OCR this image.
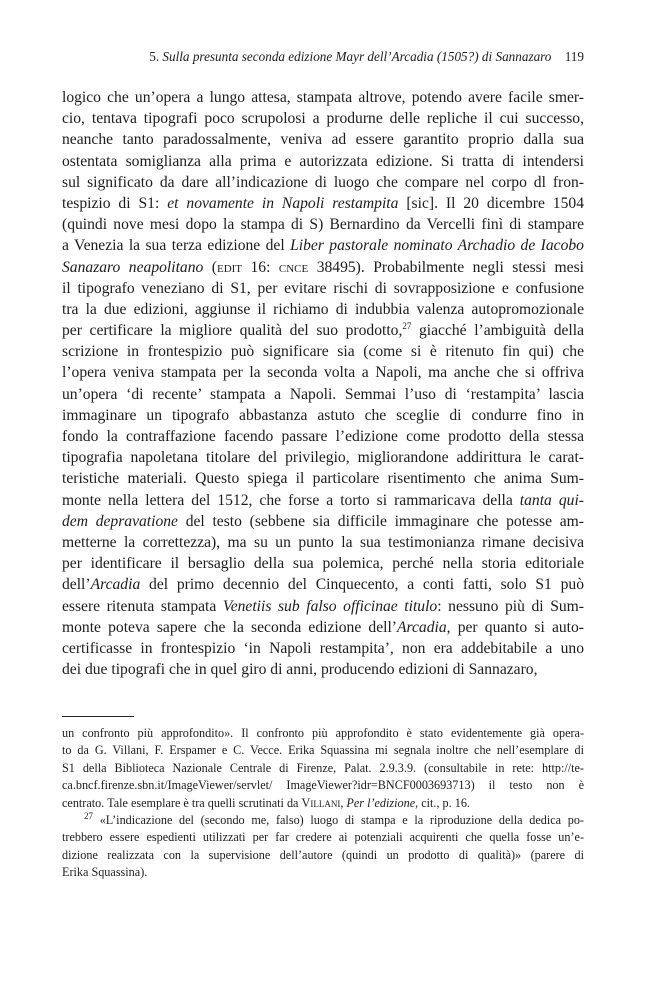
5. Sulla presunta seconda edizione Mayr dell’Arcadia (1505?) di Sannazaro 119
logico che un’opera a lungo attesa, stampata altrove, potendo avere facile smer-
cio, tentava tipografi poco scrupolosi a produrne delle repliche il cui successo,
neanche tanto paradossalmente, veniva ad essere garantito proprio dalla sua
ostentata somiglianza alla prima e autorizzata edizione. Si tratta di intendersi
sul significato da dare all’indicazione di luogo che compare nel corpo dl fron-
tespizio di S1: et novamente in Napoli restampita [sic]. Il 20 dicembre 1504
(quindi nove mesi dopo la stampa di S) Bernardino da Vercelli finì di stampare
a Venezia la sua terza edizione del Liber pastorale nominato Archadio de Iacobo
Sanazaro neapolitano (edit 16: cnce 38495). Probabilmente negli stessi mesi
il tipografo veneziano di S1, per evitare rischi di sovrapposizione e confusione
tra la due edizioni, aggiunse il richiamo di indubbia valenza autopromozionale
per certificare la migliore qualità del suo prodotto,$^{27}$ giacché l’ambiguità della
scrizione in frontespizio può significare sia (come si è ritenuto fin qui) che
l’opera veniva stampata per la seconda volta a Napoli, ma anche che si offriva
un’opera ‘di recente’ stampata a Napoli. Semmai l’uso di ‘restampita’ lascia
immaginare un tipografo abbastanza astuto che sceglie di condurre fino in
fondo la contraffazione facendo passare l’edizione come prodotto della stessa
tipografia napoletana titolare del privilegio, migliorandone addirittura le carat-
teristiche materiali. Questo spiega il particolare risentimento che anima Sum-
monte nella lettera del 1512, che forse a torto si rammaricava della tanta qui-
dem depravatione del testo (sebbene sia difficile immaginare che potesse am-
metterne la correttezza), ma su un punto la sua testimonianza rimane decisiva
per identificare il bersaglio della sua polemica, perché nella storia editoriale
dell’Arcadia del primo decennio del Cinquecento, a conti fatti, solo S1 può
essere ritenuta stampata Venetiis sub falso officinae titulo: nessuno più di Sum-
monte poteva sapere che la seconda edizione dell’Arcadia, per quanto si auto-
certificasse in frontespizio ‘in Napoli restampita’, non era addebitabile a uno
dei due tipografi che in quel giro di anni, producendo edizioni di Sannazaro,
un confronto più approfondito». Il confronto più approfondito è stato evidentemente già opera-
to da G. Villani, F. Erspamer e C. Vecce. Erika Squassina mi segnala inoltre che nell’esemplare di
S1 della Biblioteca Nazionale Centrale di Firenze, Palat. 2.9.3.9. (consultabile in rete: http://te-
ca.bncf.firenze.sbn.it/ImageViewer/servlet/ ImageViewer?idr=BNCF0003693713) il testo non è
centrato. Tale esemplare è tra quelli scrutinati da Villani, Per l’edizione, cit., p. 16.
$^{27}$ «L’indicazione del (secondo me, falso) luogo di stampa e la riproduzione della dedica po-
trebbero essere espedienti utilizzati per far credere ai potenziali acquirenti che quella fosse un’e-
dizione realizzata con la supervisione dell’autore (quindi un prodotto di qualità)» (parere di
Erika Squassina).
